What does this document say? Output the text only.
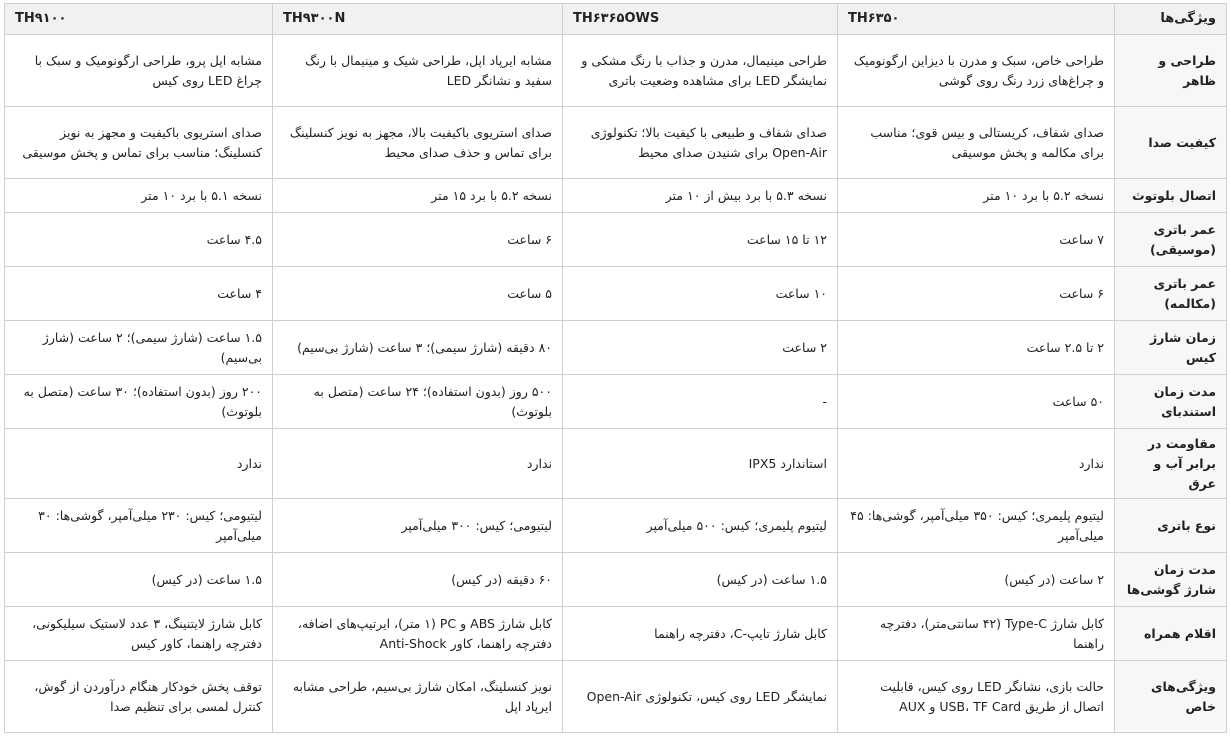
ویژگی‌ها	TH۶۳۵۰	TH۶۳۶۵OWS	TH۹۳۰۰N	TH۹۱۰۰
طراحی و ظاهر	طراحی خاص، سبک و مدرن با دیزاین ارگونومیک و چراغ‌های زرد رنگ روی گوشی	طراحی مینیمال، مدرن و جذاب با رنگ مشکی و نمایشگر LED برای مشاهده وضعیت باتری	مشابه ایرپاد اپل، طراحی شیک و مینیمال با رنگ سفید و نشانگر LED	مشابه اپل پرو، طراحی ارگونومیک و سبک با چراغ LED روی کیس
کیفیت صدا	صدای شفاف، کریستالی و بیس قوی؛ مناسب برای مکالمه و پخش موسیقی	صدای شفاف و طبیعی با کیفیت بالا؛ تکنولوژی Open-Air برای شنیدن صدای محیط	صدای استریوی باکیفیت بالا، مجهز به نویز کنسلینگ برای تماس و حذف صدای محیط	صدای استریوی باکیفیت و مجهز به نویز کنسلینگ؛ مناسب برای تماس و پخش موسیقی
اتصال بلوتوث	نسخه ۵.۲ با برد ۱۰ متر	نسخه ۵.۳ با برد بیش از ۱۰ متر	نسخه ۵.۲ با برد ۱۵ متر	نسخه ۵.۱ با برد ۱۰ متر
عمر باتری (موسیقی)	۷ ساعت	۱۲ تا ۱۵ ساعت	۶ ساعت	۴.۵ ساعت
عمر باتری (مکالمه)	۶ ساعت	۱۰ ساعت	۵ ساعت	۴ ساعت
زمان شارژ کیس	۲ تا ۲.۵ ساعت	۲ ساعت	۸۰ دقیقه (شارژ سیمی)؛ ۳ ساعت (شارژ بی‌سیم)	۱.۵ ساعت (شارژ سیمی)؛ ۲ ساعت (شارژ بی‌سیم)
مدت زمان استندبای	۵۰ ساعت	-	۵۰۰ روز (بدون استفاده)؛ ۲۴ ساعت (متصل به بلوتوث)	۲۰۰ روز (بدون استفاده)؛ ۳۰ ساعت (متصل به بلوتوث)
مقاومت در برابر آب و عرق	ندارد	استاندارد IPX5	ندارد	ندارد
نوع باتری	لیتیوم پلیمری؛ کیس: ۳۵۰ میلی‌آمپر، گوشی‌ها: ۴۵ میلی‌آمپر	لیتیوم پلیمری؛ کیس: ۵۰۰ میلی‌آمپر	لیتیومی؛ کیس: ۳۰۰ میلی‌آمپر	لیتیومی؛ کیس: ۲۳۰ میلی‌آمپر، گوشی‌ها: ۳۰ میلی‌آمپر
مدت زمان شارژ گوشی‌ها	۲ ساعت (در کیس)	۱.۵ ساعت (در کیس)	۶۰ دقیقه (در کیس)	۱.۵ ساعت (در کیس)
اقلام همراه	کابل شارژ Type-C (۴۲ سانتی‌متر)، دفترچه راهنما	کابل شارژ تایپ-C، دفترچه راهنما	کابل شارژ ABS و PC (۱ متر)، ایرتیپ‌های اضافه، دفترچه راهنما، کاور Anti-Shock	کابل شارژ لایتنینگ، ۳ عدد لاستیک سیلیکونی، دفترچه راهنما، کاور کیس
ویژگی‌های خاص	حالت بازی، نشانگر LED روی کیس، قابلیت اتصال از طریق USB، TF Card و AUX	نمایشگر LED روی کیس، تکنولوژی Open-Air	نویز کنسلینگ، امکان شارژ بی‌سیم، طراحی مشابه ایرپاد اپل	توقف پخش خودکار هنگام درآوردن از گوش، کنترل لمسی برای تنظیم صدا
